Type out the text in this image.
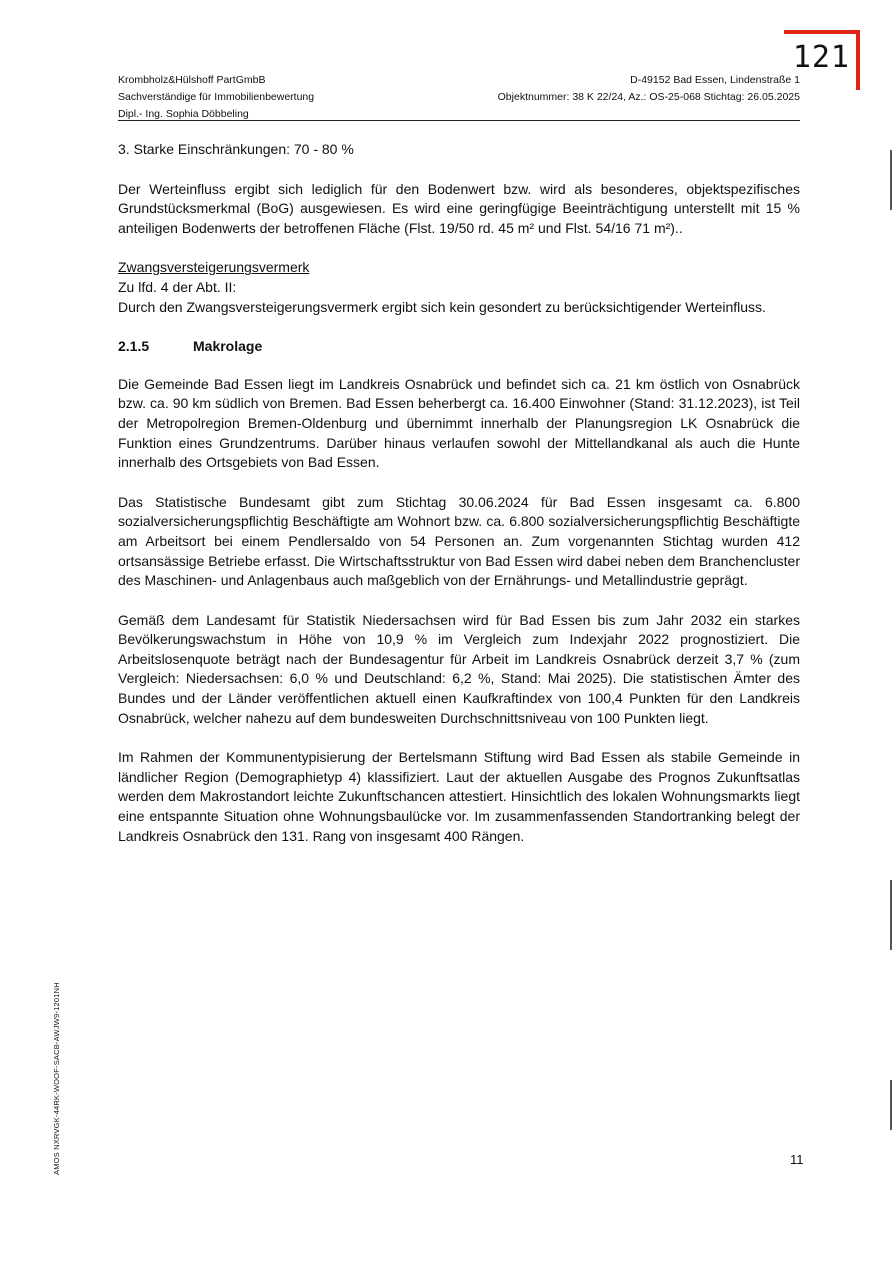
121
Krombholz&Hülshoff PartGmbB
Sachverständige für Immobilienbewertung
Dipl.- Ing. Sophia Döbbeling
D-49152 Bad Essen, Lindenstraße 1
Objektnummer: 38 K 22/24, Az.: OS-25-068 Stichtag: 26.05.2025

3. Starke Einschränkungen: 70 - 80 %

Der Werteinfluss ergibt sich lediglich für den Bodenwert bzw. wird als besonderes, objektspezifisches Grundstücksmerkmal (BoG) ausgewiesen. Es wird eine geringfügige Beeinträchtigung unterstellt mit 15 % anteiligen Bodenwerts der betroffenen Fläche (Flst. 19/50 rd. 45 m² und Flst. 54/16 71 m²)..

Zwangsversteigerungsvermerk

Zu lfd. 4 der Abt. II:

Durch den Zwangsversteigerungsvermerk ergibt sich kein gesondert zu berücksichtigender Werteinfluss.

2.1.5	Makrolage

Die Gemeinde Bad Essen liegt im Landkreis Osnabrück und befindet sich ca. 21 km östlich von Osnabrück bzw. ca. 90 km südlich von Bremen. Bad Essen beherbergt ca. 16.400 Einwohner (Stand: 31.12.2023), ist Teil der Metropolregion Bremen-Oldenburg und übernimmt innerhalb der Planungsregion LK Osnabrück die Funktion eines Grundzentrums. Darüber hinaus verlaufen sowohl der Mittellandkanal als auch die Hunte innerhalb des Ortsgebiets von Bad Essen.

Das Statistische Bundesamt gibt zum Stichtag 30.06.2024 für Bad Essen insgesamt ca. 6.800 sozialversicherungspflichtig Beschäftigte am Wohnort bzw. ca. 6.800 sozialversicherungspflichtig Beschäftigte am Arbeitsort bei einem Pendlersaldo von 54 Personen an. Zum vorgenannten Stichtag wurden 412 ortsansässige Betriebe erfasst. Die Wirtschaftsstruktur von Bad Essen wird dabei neben dem Branchencluster des Maschinen- und Anlagenbaus auch maßgeblich von der Ernährungs- und Metallindustrie geprägt.

Gemäß dem Landesamt für Statistik Niedersachsen wird für Bad Essen bis zum Jahr 2032 ein starkes Bevölkerungswachstum in Höhe von 10,9 % im Vergleich zum Indexjahr 2022 prognostiziert. Die Arbeitslosenquote beträgt nach der Bundesagentur für Arbeit im Landkreis Osnabrück derzeit 3,7 % (zum Vergleich: Niedersachsen: 6,0 % und Deutschland: 6,2 %, Stand: Mai 2025). Die statistischen Ämter des Bundes und der Länder veröffentlichen aktuell einen Kaufkraftindex von 100,4 Punkten für den Landkreis Osnabrück, welcher nahezu auf dem bundesweiten Durchschnittsniveau von 100 Punkten liegt.

Im Rahmen der Kommunentypisierung der Bertelsmann Stiftung wird Bad Essen als stabile Gemeinde in ländlicher Region (Demographietyp 4) klassifiziert. Laut der aktuellen Ausgabe des Prognos Zukunftsatlas werden dem Makrostandort leichte Zukunftschancen attestiert. Hinsichtlich des lokalen Wohnungsmarkts liegt eine entspannte Situation ohne Wohnungsbaulücke vor. Im zusammenfassenden Standortranking belegt der Landkreis Osnabrück den 131. Rang von insgesamt 400 Rängen.

AMOS NXRVGK-44RK-WOOF-SACB-AWJW9-1201NH	11
